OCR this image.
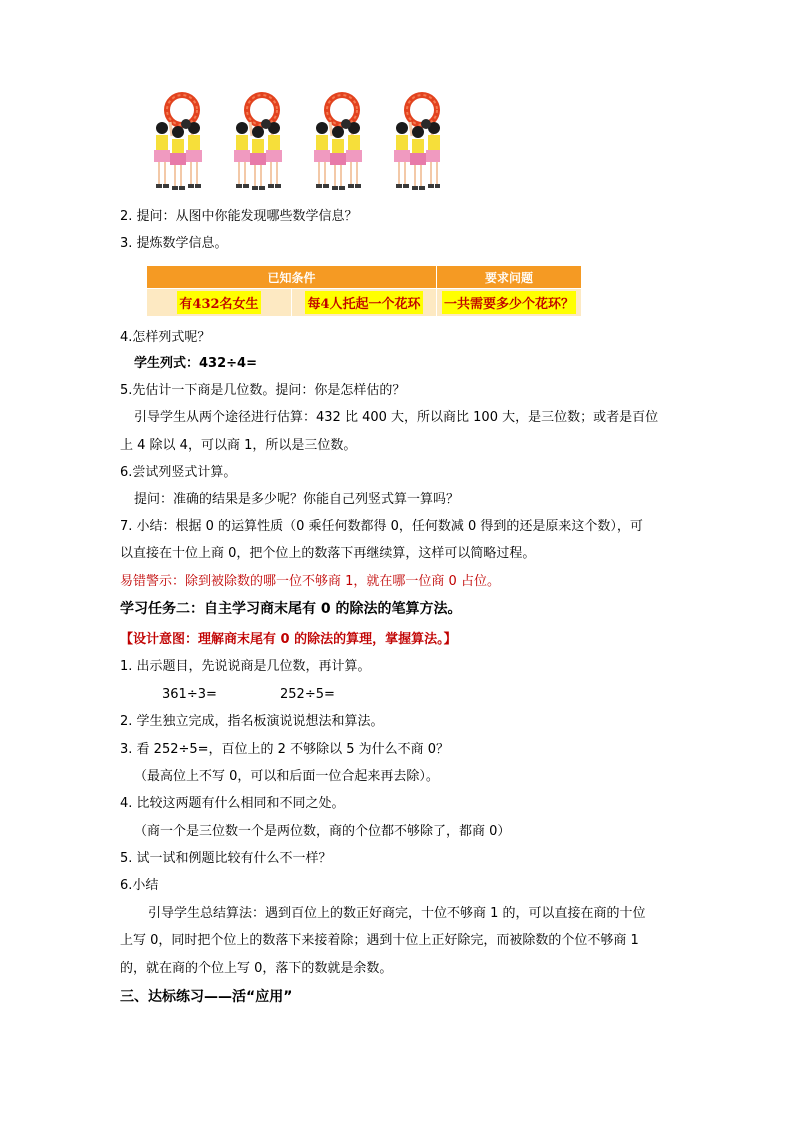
2. 提问：从图中你能发现哪些数学信息？
3. 提炼数学信息。
已知条件		要求问题
有432名女生	每4人托起一个花环	一共需要多少个花环？
4.怎样列式呢？
学生列式：432÷4=
5.先估计一下商是几位数。提问：你是怎样估的？
引导学生从两个途径进行估算：432 比 400 大，所以商比 100 大，是三位数；或者是百位
上 4 除以 4，可以商 1，所以是三位数。
6.尝试列竖式计算。
提问：准确的结果是多少呢？你能自己列竖式算一算吗？
7. 小结：根据 0 的运算性质（0 乘任何数都得 0，任何数减 0 得到的还是原来这个数），可
以直接在十位上商 0，把个位上的数落下再继续算，这样可以简略过程。
易错警示：除到被除数的哪一位不够商 1，就在哪一位商 0 占位。
学习任务二：自主学习商末尾有 0 的除法的笔算方法。
【设计意图：理解商末尾有 0 的除法的算理，掌握算法。】
1. 出示题目，先说说商是几位数，再计算。
361÷3=	252÷5=
2. 学生独立完成，指名板演说说想法和算法。
3. 看 252÷5=，百位上的 2 不够除以 5 为什么不商 0？
（最高位上不写 0，可以和后面一位合起来再去除）。
4. 比较这两题有什么相同和不同之处。
（商一个是三位数一个是两位数，商的个位都不够除了，都商 0）
5. 试一试和例题比较有什么不一样？
6.小结
引导学生总结算法：遇到百位上的数正好商完，十位不够商 1 的，可以直接在商的十位
上写 0，同时把个位上的数落下来接着除；遇到十位上正好除完，而被除数的个位不够商 1
的，就在商的个位上写 0，落下的数就是余数。
三、达标练习——活“应用”
